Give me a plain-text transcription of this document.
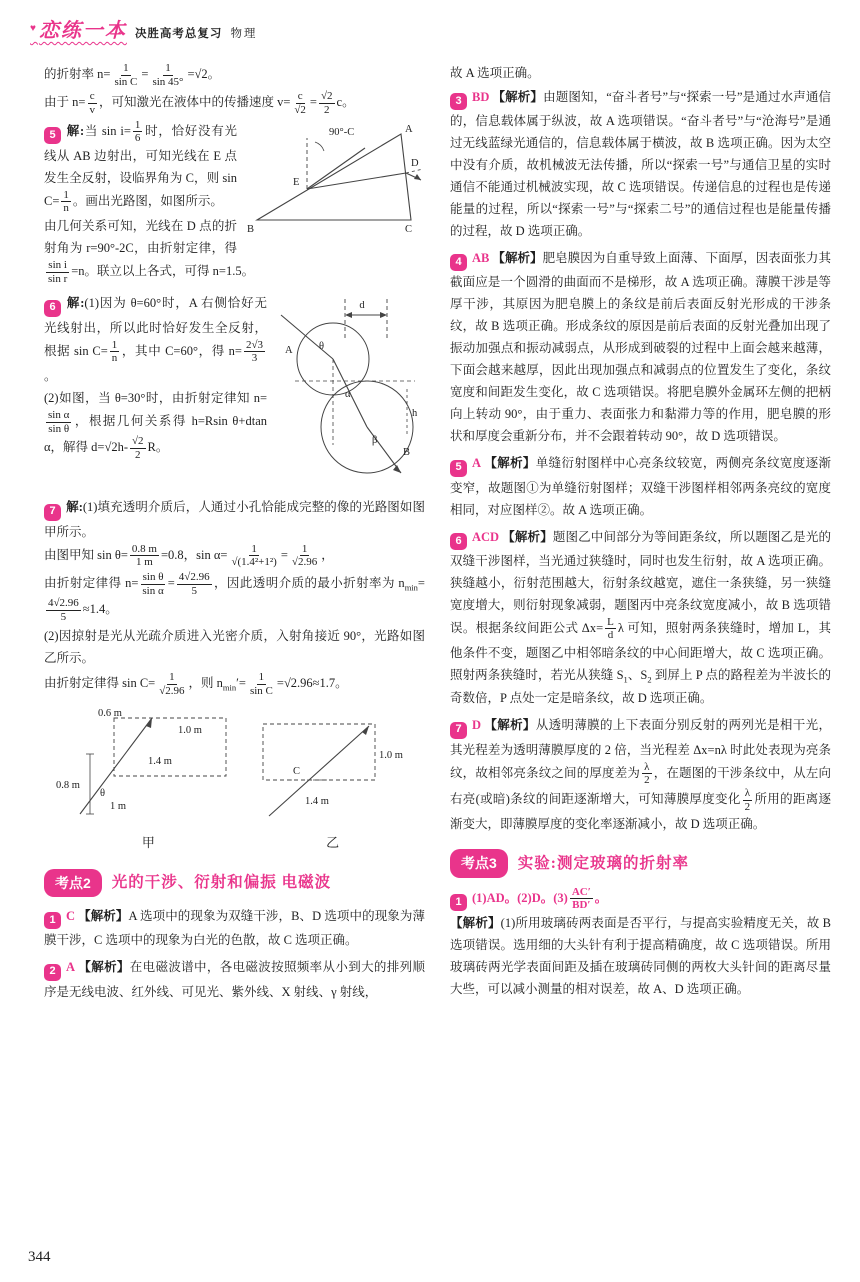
♥恋练一本 决胜高考总复习 物理

的折射率 $n= \frac{1}{\text{sin C}} = \frac{1}{\sin 45^\circ} =√2$。

由于 $n= \frac{c}{v}$ ，可知激光在液体中的传播速度 $v= \frac{c}{√2} = \frac{√2}{2}$ c。

90°-C	A
B	C
D
E
5 解:当 $\sin i= \frac{1}{6}$ 时，恰好没有光线从 AB 边射出，可知光线在 E 点发生全反射，设临界角为 C，则 $\sin C= \frac{1}{n}$ 。画出光路图，如图所示。
由几何关系可知，光线在 D 点的折射角为 r=90°-2C，由折射定律，得
$\frac{\text{sin i}}{\text{sin r}} =n$。联立以上各式，可得 n=1.5。
d
A	θ
α
h
β
B
6 解:(1)因为 θ=60°时，A 右侧恰好无光线射出，所以此时恰好发生全反射，根据 $\sin C= \frac{1}{n}$ ，其中 C=60°，得 $n= \frac{2√3}{3}$
。
(2)如图，当 θ=30°时，由折射定律知 n=
$\frac{\text{sin α}}{\text{sin θ}}$ ，根据几何关系得 h=Rsin θ+dtan α，解得 $d=√2h- \frac{√2}{2}$ R。
7 解:(1)填充透明介质后，人通过小孔恰能成完整的像的光路图如图甲所示。
由图甲知 $\sin \theta= \frac{0.8 m}{1 m} =0.8$，$\sin \alpha= \frac{1}{\text{√(1.4²+1²)}} = \frac{1}{√2.96}$ ，
由折射定律得 $n= \frac{\text{sin θ}}{\text{sin α}} = \frac{4√2.96}{5}$ ，因此透明介质的最小折射率为 $n_{min}=$
$\frac{4√2.96}{5} \approx 1.4$。
(2)因掠射是光从光疏介质进入光密介质，入射角接近 90°，光路如图乙所示。
由折射定律得 $\sin C= \frac{1}{√2.96}$ ，则 $n_{min}'= \frac{1}{\text{sin C}} =√2.96\approx 1.7$。
0.6 m
1.0 m
1.4 m
1 m
0.8 m
θ
甲
C
1.0 m
1.4 m
乙
考点2	光的干涉、衍射和偏振 电磁波
1 C 【解析】A 选项中的现象为双缝干涉，B、D 选项中的现象为薄膜干涉，C 选项中的现象为白光的色散，故 C 选项正确。
2 A 【解析】在电磁波谱中，各电磁波按照频率从小到大的排列顺序是无线电波、红外线、可见光、紫外线、X 射线、γ 射线，

故 A 选项正确。

3 BD 【解析】由题图知，“奋斗者号”与“探索一号”是通过水声通信的，信息载体属于纵波，故 A 选项错误。“奋斗者号”与“沧海号”是通过无线蓝绿光通信的，信息载体属于横波，故 B 选项正确。因为太空中没有介质，故机械波无法传播，所以“探索一号”与通信卫星的实时通信不能通过机械波实现，故 C 选项错误。传递信息的过程也是传递能量的过程，所以“探索一号”与“探索二号”的通信过程也是能量传播的过程，故 D 选项正确。
4 AB 【解析】肥皂膜因为自重导致上面薄、下面厚，因表面张力其截面应是一个圆滑的曲面而不是梯形，故 A 选项正确。薄膜干涉是等厚干涉，其原因为肥皂膜上的条纹是前后表面反射光形成的干涉条纹，故 B 选项正确。形成条纹的原因是前后表面的反射光叠加出现了振动加强点和振动减弱点，从形成到破裂的过程中上面会越来越薄，下面会越来越厚，因此出现加强点和减弱点的位置发生了变化，条纹宽度和间距发生变化，故 C 选项错误。将肥皂膜外金属环左侧的把柄向上转动 90°，由于重力、表面张力和黏滞力等的作用，肥皂膜的形状和厚度会重新分布，并不会跟着转动 90°，故 D 选项错误。
5 A 【解析】单缝衍射图样中心亮条纹较宽，两侧亮条纹宽度逐渐变窄，故题图①为单缝衍射图样；双缝干涉图样相邻两条亮纹的宽度相同，对应图样②。故 A 选项正确。
6 ACD 【解析】题图乙中间部分为等间距条纹，所以题图乙是光的双缝干涉图样，当光通过狭缝时，同时也发生衍射，故 A 选项正确。狭缝越小，衍射范围越大，衍射条纹越宽，遮住一条狭缝，另一狭缝宽度增大，则衍射现象减弱，题图丙中亮条纹宽度减小，故 B 选项错误。根据条纹间距公式 $\Delta x= \frac{L}{d}$ λ 可知，照射两条狭缝时，增加 L，其他条件不变，题图乙中相邻暗条纹的中心间距增大，故 C 选项正确。照射两条狭缝时，若光从狭缝 $S_1$、$S_2$ 到屏上 P 点的路程差为半波长的奇数倍，P 点处一定是暗条纹，故 D 选项正确。
7 D 【解析】从透明薄膜的上下表面分别反射的两列光是相干光，其光程差为透明薄膜厚度的 2 倍，当光程差 Δx=nλ 时此处表现为亮条纹，故相邻亮条纹之间的厚度差为 $\frac{\lambda}{2}$ ，在题图的干涉条纹中，从左向右亮(或暗)条纹的间距逐渐增大，可知薄膜厚度变化 $\frac{\lambda}{2}$ 所用的距离逐渐变大，即薄膜厚度的变化率逐渐减小，故 D 选项正确。
考点3	实验:测定玻璃的折射率
1 (1)AD。(2)D。$(3) \frac{AC'}{BD'}$ 。
【解析】(1)所用玻璃砖两表面是否平行，与提高实验精度无关，故 B 选项错误。选用细的大头针有利于提高精确度，故 C 选项错误。所用玻璃砖两光学表面间距及插在玻璃砖同侧的两枚大头针间的距离尽量大些，可以减小测量的相对误差，故 A、D 选项正确。
344
